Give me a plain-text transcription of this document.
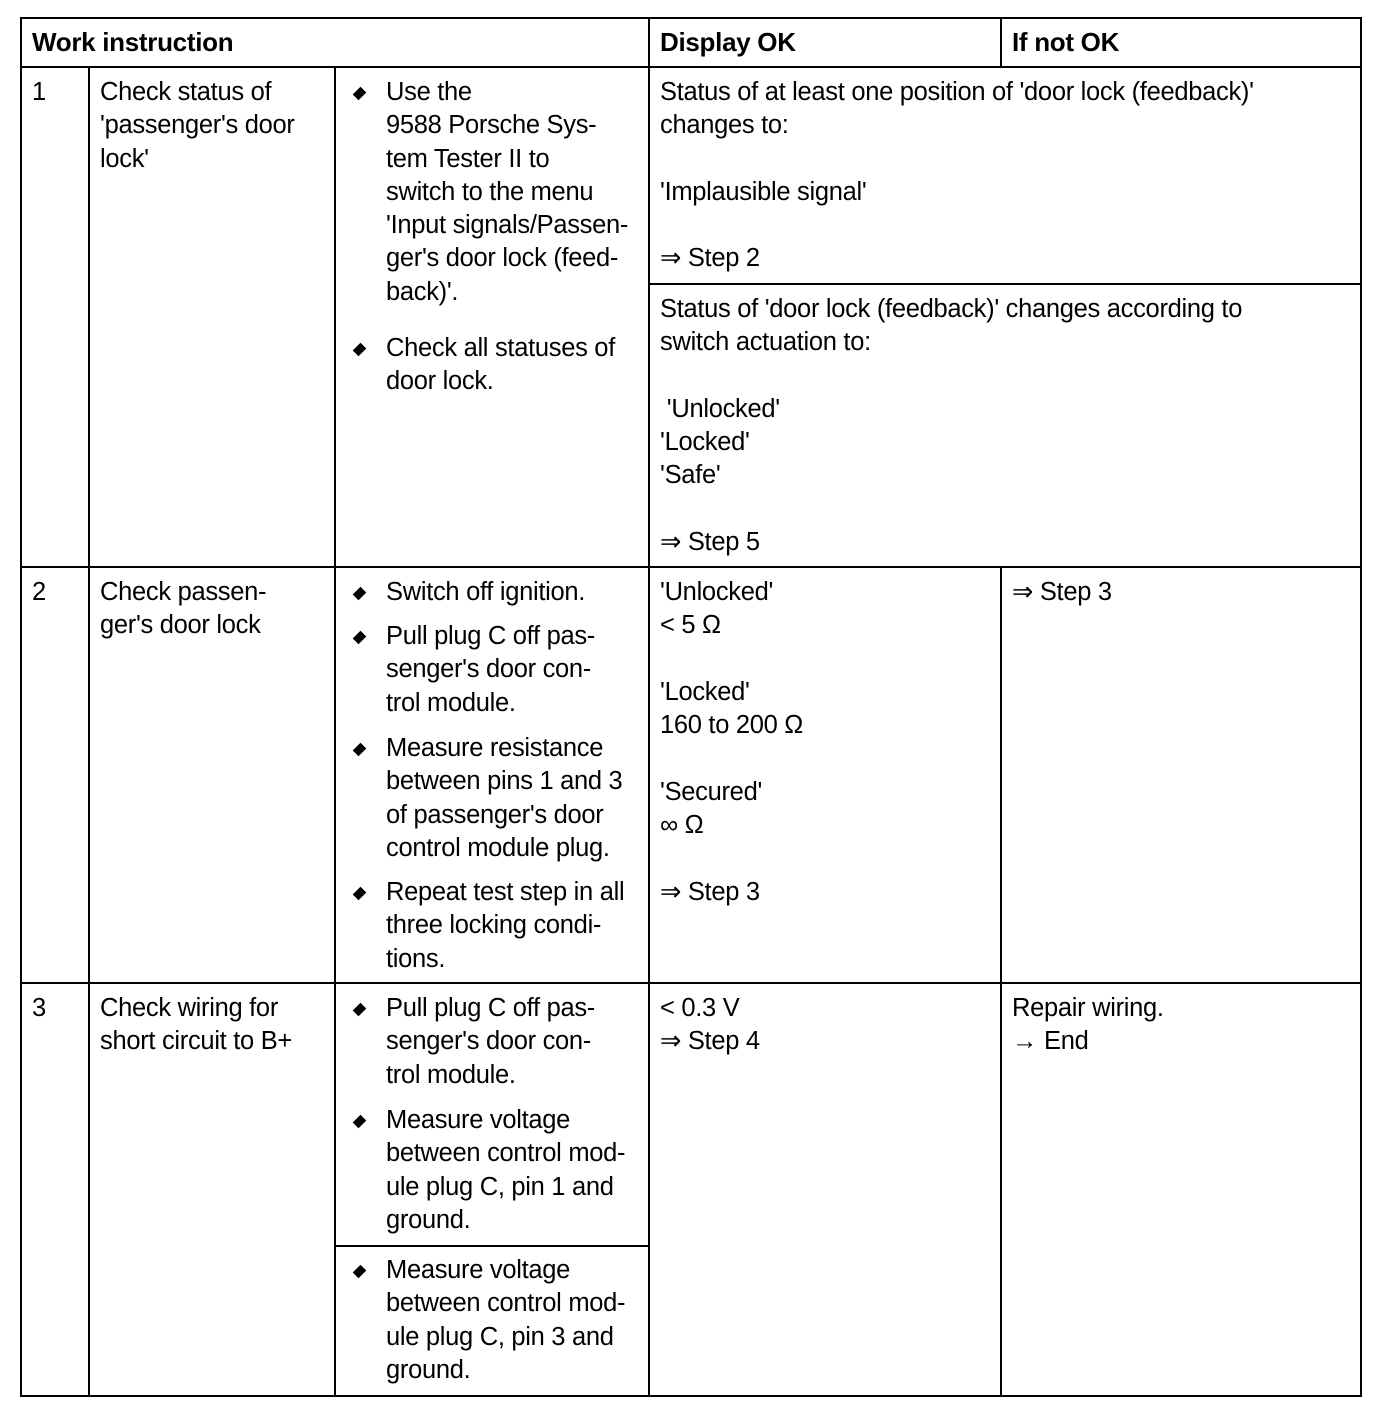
Work instruction	Display OK	If not OK
1 Check status of
'passenger's door
lock'
Use the
9588 Porsche Sys-
tem Tester II to
switch to the menu
'Input signals/Passen-
ger's door lock (feed-
back)'.
Check all statuses of
door lock.
Status of at least one position of 'door lock (feedback)'
changes to:

'Implausible signal'

⇒ Step 2
Status of 'door lock (feedback)' changes according to
switch actuation to:

'Unlocked'
'Locked'
'Safe'

⇒ Step 5
2 Check passen-
ger's door lock
Switch off ignition.
Pull plug C off pas-
senger's door con-
trol module.
Measure resistance
between pins 1 and 3
of passenger's door
control module plug.
Repeat test step in all
three locking condi-
tions.
'Unlocked'
< 5 Ω

'Locked'
160 to 200 Ω

'Secured'
∞ Ω

⇒ Step 3
⇒ Step 3
3 Check wiring for
short circuit to B+
Pull plug C off pas-
senger's door con-
trol module.
Measure voltage
between control mod-
ule plug C, pin 1 and
ground.
Measure voltage
between control mod-
ule plug C, pin 3 and
ground.
< 0.3 V
⇒ Step 4
Repair wiring.
→ End
